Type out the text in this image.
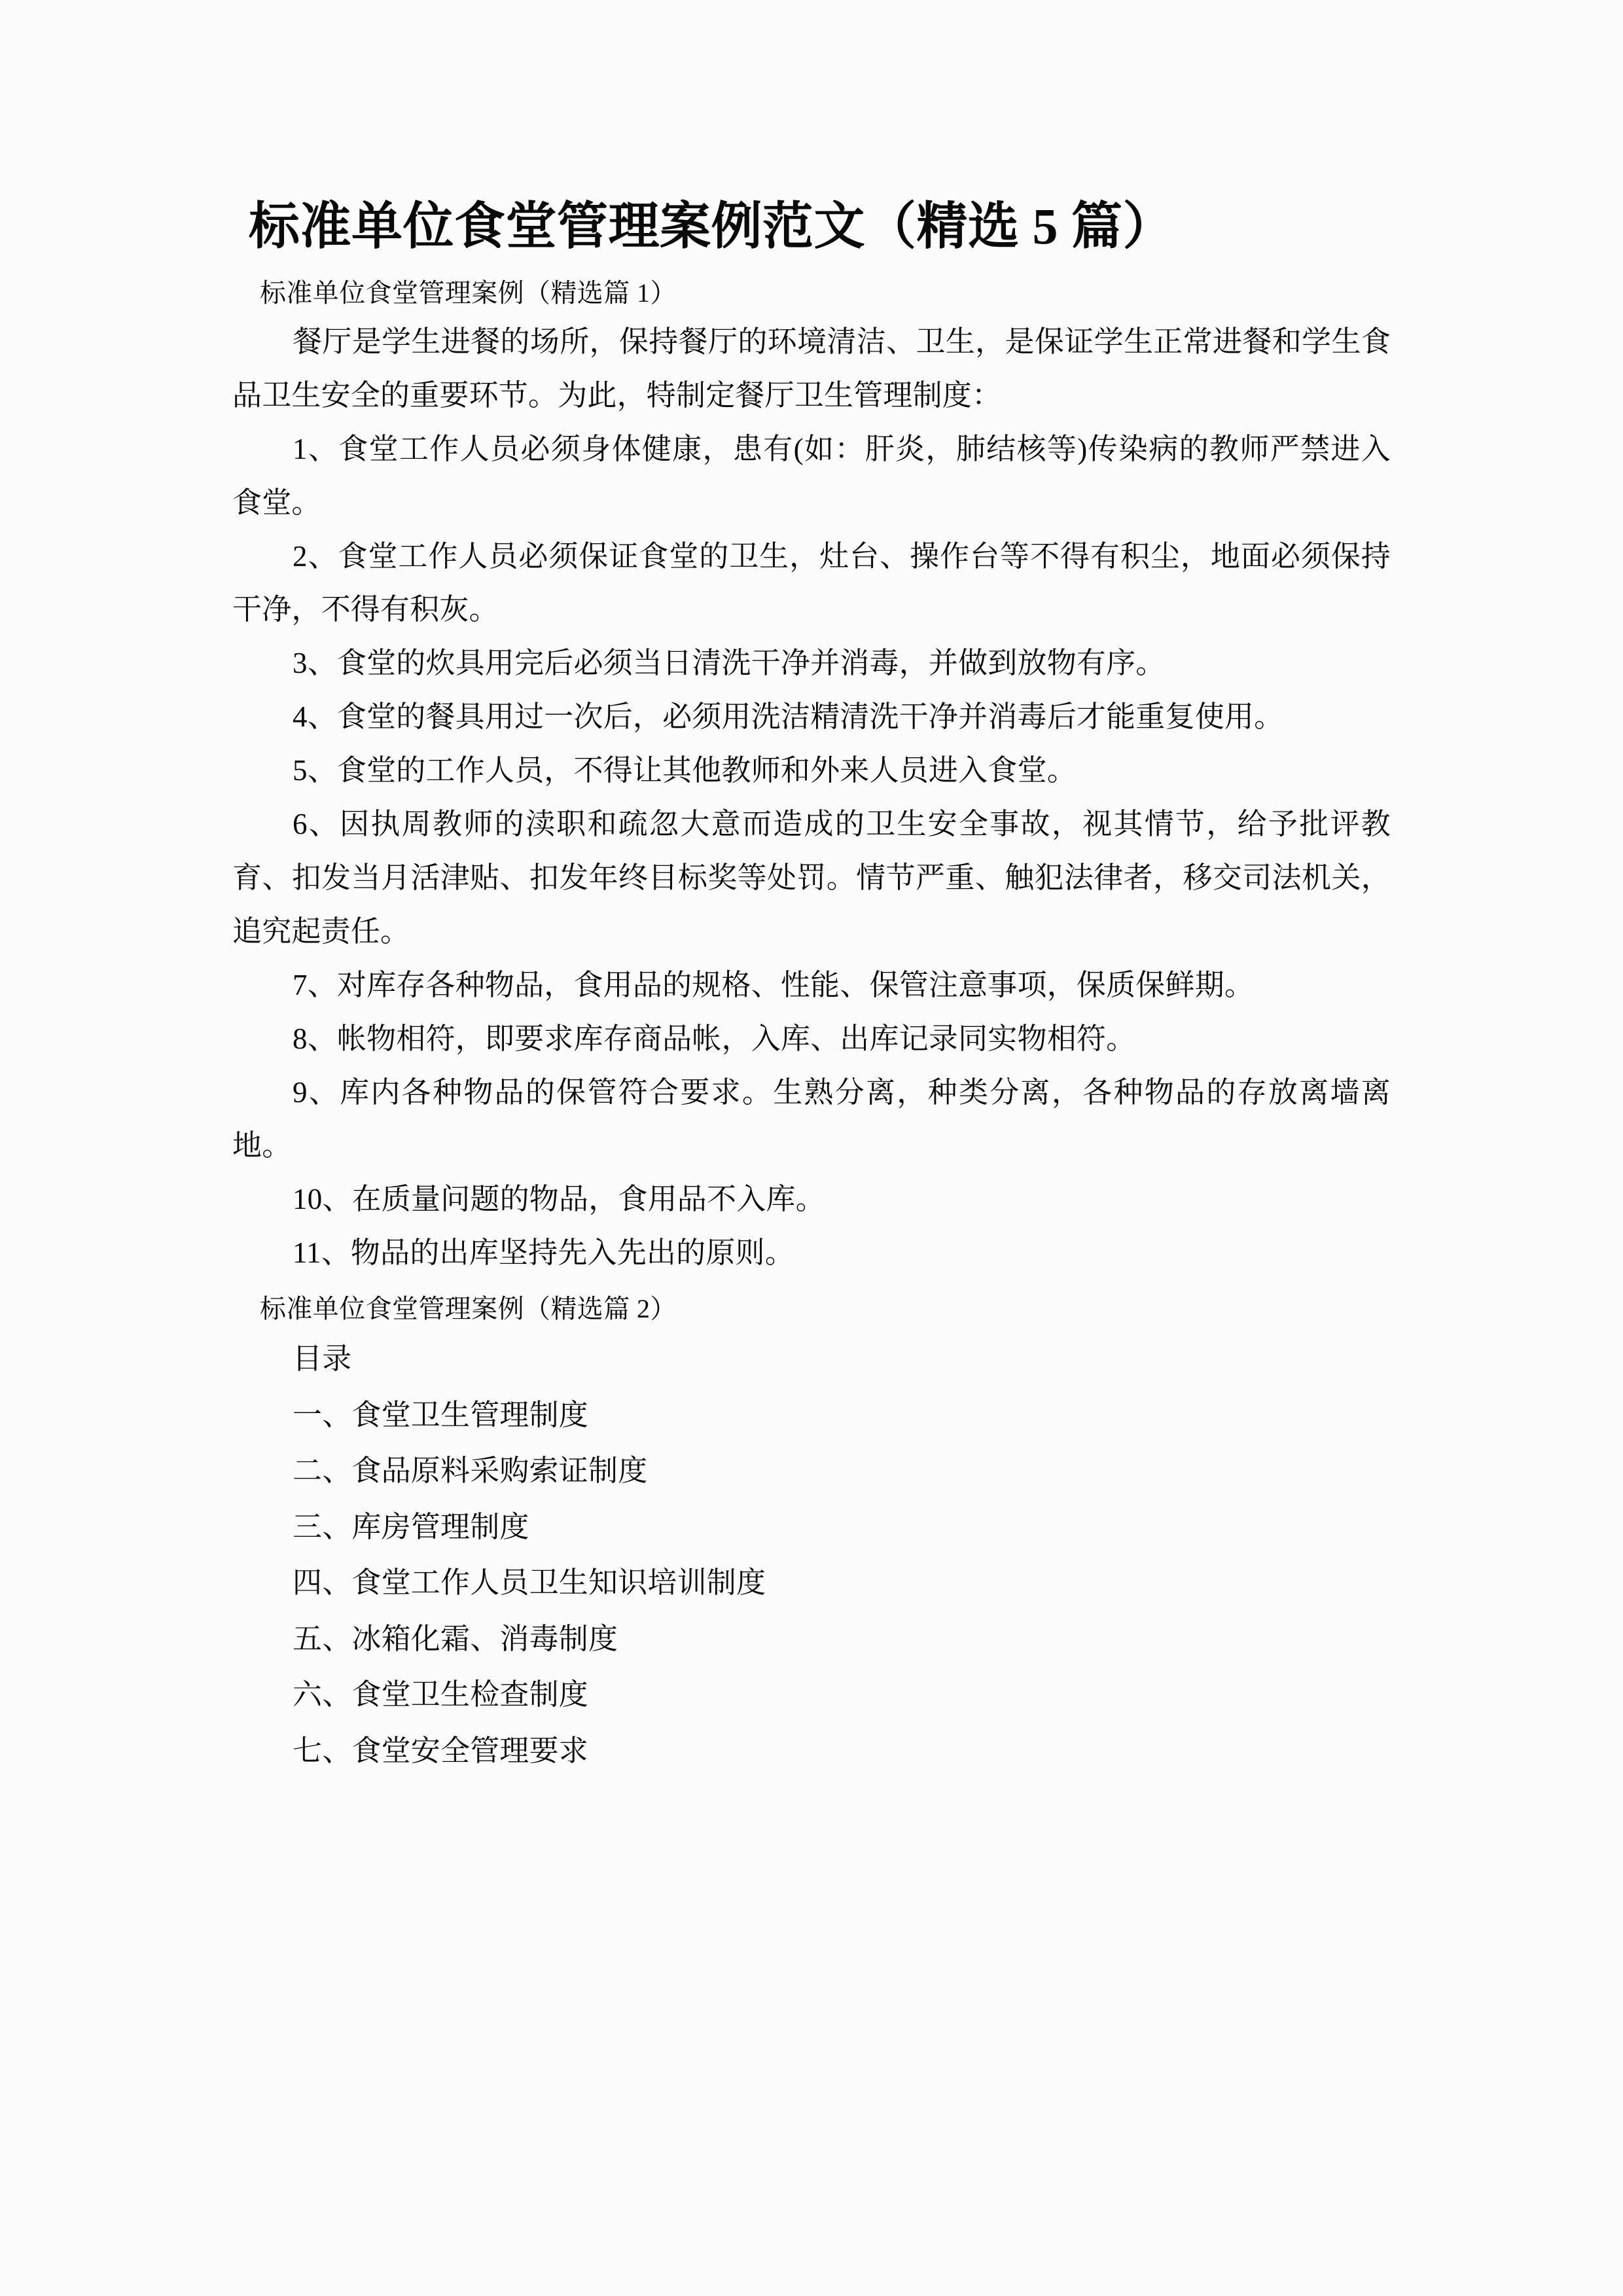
标准单位食堂管理案例范文（精选 5 篇）
标准单位食堂管理案例（精选篇 1）

餐厅是学生进餐的场所，保持餐厅的环境清洁、卫生，是保证学生正常进餐和学生食品卫生安全的重要环节。为此，特制定餐厅卫生管理制度：

1、食堂工作人员必须身体健康，患有(如：肝炎，肺结核等)传染病的教师严禁进入食堂。

2、食堂工作人员必须保证食堂的卫生，灶台、操作台等不得有积尘，地面必须保持干净，不得有积灰。

3、食堂的炊具用完后必须当日清洗干净并消毒，并做到放物有序。

4、食堂的餐具用过一次后，必须用洗洁精清洗干净并消毒后才能重复使用。

5、食堂的工作人员，不得让其他教师和外来人员进入食堂。

6、因执周教师的渎职和疏忽大意而造成的卫生安全事故，视其情节，给予批评教育、扣发当月活津贴、扣发年终目标奖等处罚。情节严重、触犯法律者，移交司法机关，追究起责任。

7、对库存各种物品，食用品的规格、性能、保管注意事项，保质保鲜期。

8、帐物相符，即要求库存商品帐，入库、出库记录同实物相符。

9、库内各种物品的保管符合要求。生熟分离，种类分离，各种物品的存放离墙离地。

10、在质量问题的物品，食用品不入库。

11、物品的出库坚持先入先出的原则。

标准单位食堂管理案例（精选篇 2）

目录

一、食堂卫生管理制度

二、食品原料采购索证制度

三、库房管理制度

四、食堂工作人员卫生知识培训制度

五、冰箱化霜、消毒制度

六、食堂卫生检查制度

七、食堂安全管理要求
